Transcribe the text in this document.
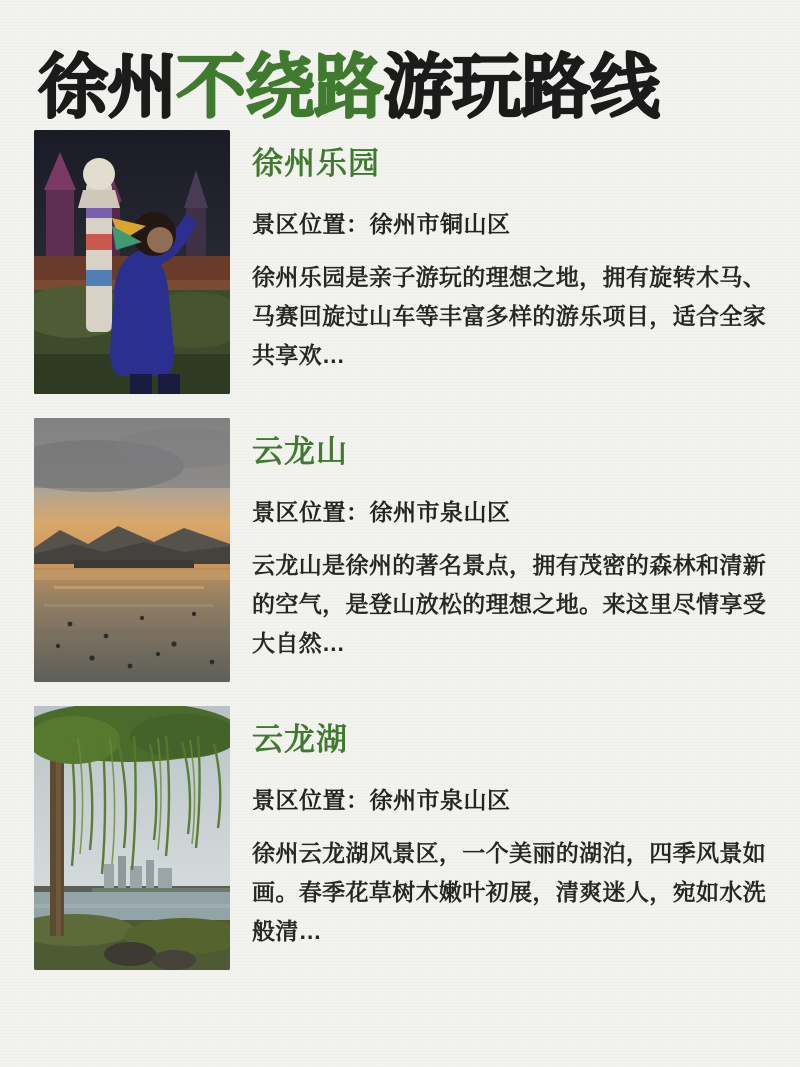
徐州 不绕路 游玩路线
徐州乐园
景区位置：徐州市铜山区
徐州乐园是亲子游玩的理想之地，拥有旋转木马、马赛回旋过山车等丰富多样的游乐项目，适合全家共享欢…
云龙山
景区位置：徐州市泉山区
云龙山是徐州的著名景点，拥有茂密的森林和清新的空气，是登山放松的理想之地。来这里尽情享受大自然…
云龙湖
景区位置：徐州市泉山区
徐州云龙湖风景区，一个美丽的湖泊，四季风景如画。春季花草树木嫩叶初展，清爽迷人，宛如水洗般清…
